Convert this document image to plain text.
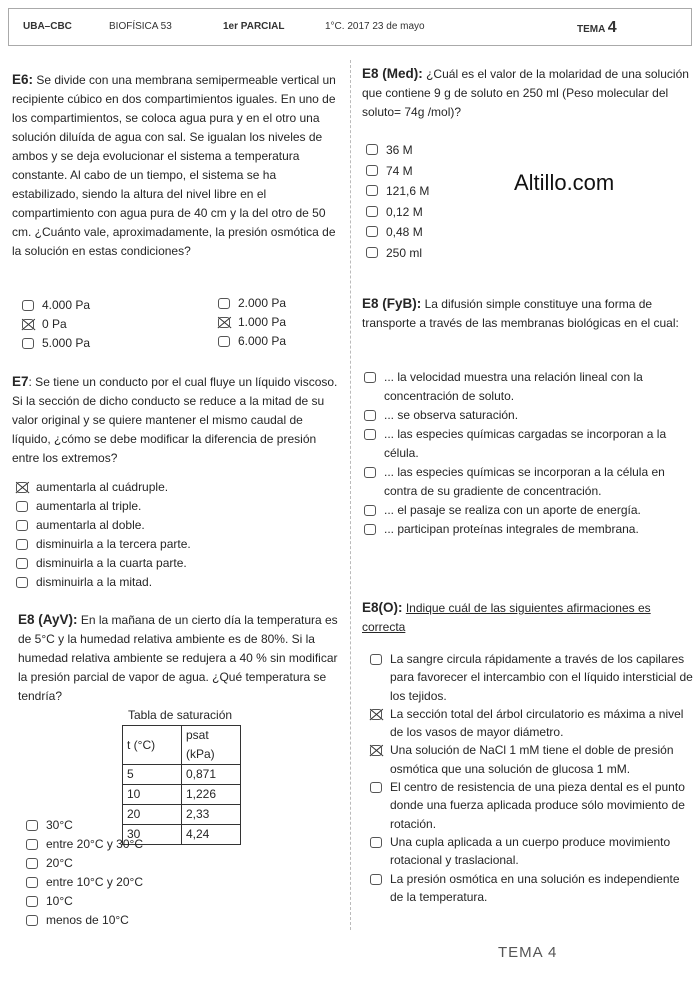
UBA–CBC	BIOFÍSICA 53	1er PARCIAL	1°C. 2017 23 de mayo	TEMA 4

E6: Se divide con una membrana semipermeable vertical un recipiente cúbico en dos compartimientos iguales. En uno de los compartimientos, se coloca agua pura y en el otro una solución diluída de agua con sal. Se igualan los niveles de ambos y se deja evolucionar el sistema a temperatura constante. Al cabo de un tiempo, el sistema se ha estabilizado, siendo la altura del nivel libre en el compartimiento con agua pura de 40 cm y la del otro de 50 cm. ¿Cuánto vale, aproximadamente, la presión osmótica de la solución en estas condiciones?

4.000 Pa
0 Pa
5.000 Pa
2.000 Pa
1.000 Pa
6.000 Pa

E7: Se tiene un conducto por el cual fluye un líquido viscoso. Si la sección de dicho conducto se reduce a la mitad de su valor original y se quiere mantener el mismo caudal de líquido, ¿cómo se debe modificar la diferencia de presión entre los extremos?

aumentarla al cuádruple.
aumentarla al triple.
aumentarla al doble.
disminuirla a la tercera parte.
disminuirla a la cuarta parte.
disminuirla a la mitad.

E8 (AyV): En la mañana de un cierto día la temperatura es de 5°C y la humedad relativa ambiente es de 80%. Si la humedad relativa ambiente se redujera a 40 % sin modificar la presión parcial de vapor de agua. ¿Qué temperatura se tendría?

Tabla de saturación
t (°C)	psat (kPa)
5	0,871
10	1,226
20	2,33
30	4,24
30°C
entre 20°C y 30°C
20°C
entre 10°C y 20°C
10°C
menos de 10°C

E8 (Med): ¿Cuál es el valor de la molaridad de una solución que contiene 9 g de soluto en 250 ml (Peso molecular del soluto= 74g /mol)?

36 M
74 M
121,6 M
0,12 M
0,48 M
250 ml
Altillo.com

E8 (FyB): La difusión simple constituye una forma de transporte a través de las membranas biológicas en el cual:

... la velocidad muestra una relación lineal con la concentración de soluto.
... se observa saturación.
... las especies químicas cargadas se incorporan a la célula.
... las especies químicas se incorporan a la célula en contra de su gradiente de concentración.
... el pasaje se realiza con un aporte de energía.
... participan proteínas integrales de membrana.

E8(O): Indique cuál de las siguientes afirmaciones es correcta

La sangre circula rápidamente a través de los capilares para favorecer el intercambio con el líquido intersticial de los tejidos.
La sección total del árbol circulatorio es máxima a nivel de los vasos de mayor diámetro.
Una solución de NaCl 1 mM tiene el doble de presión osmótica que una solución de glucosa 1 mM.
El centro de resistencia de una pieza dental es el punto donde una fuerza aplicada produce sólo movimiento de rotación.
Una cupla aplicada a un cuerpo produce movimiento rotacional y traslacional.
La presión osmótica en una solución es independiente de la temperatura.
TEMA 4
